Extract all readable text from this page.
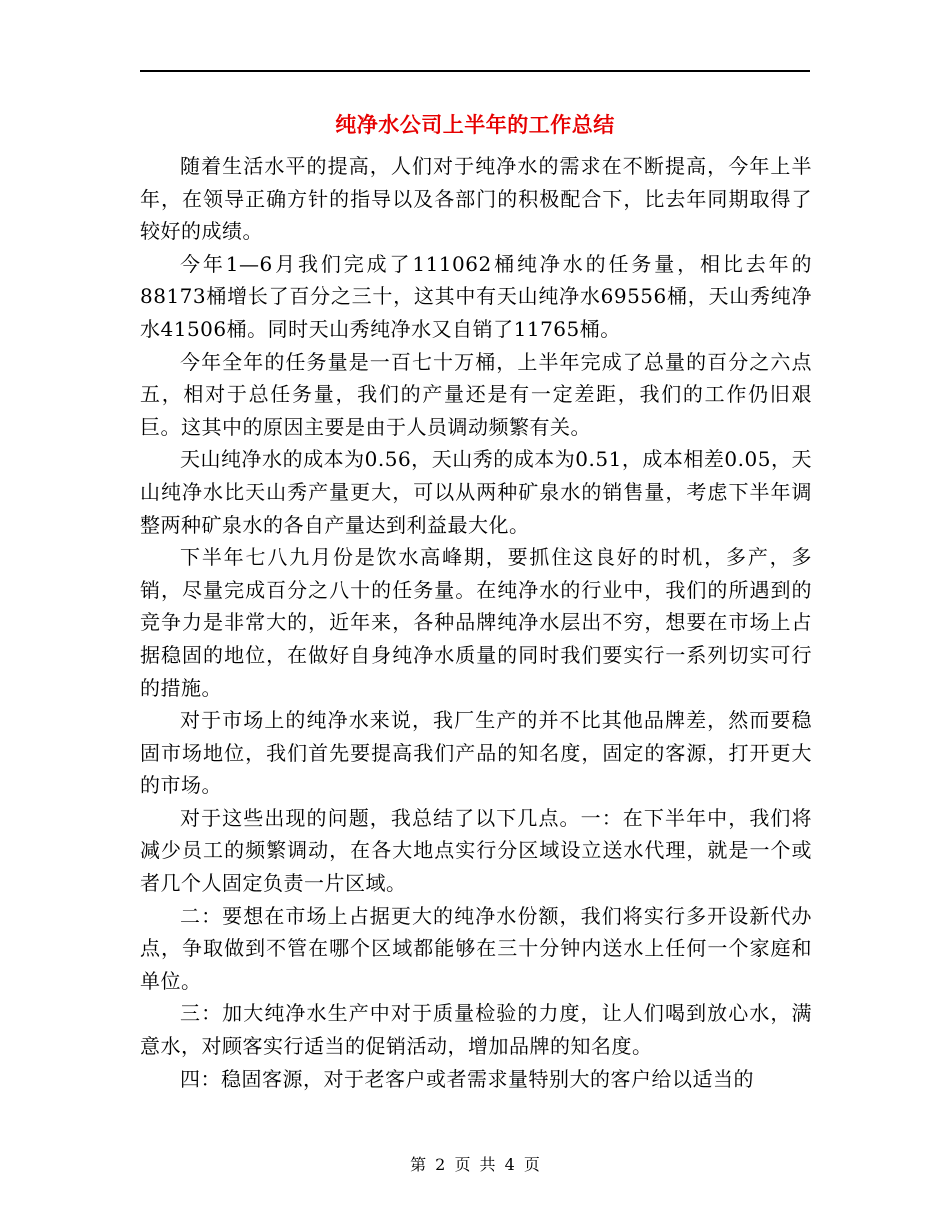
纯净水公司上半年的工作总结

随着生活水平的提高，人们对于纯净水的需求在不断提高，今年上半年，在领导正确方针的指导以及各部门的积极配合下，比去年同期取得了较好的成绩。

今年1—6月我们完成了111062桶纯净水的任务量，相比去年的88173桶增长了百分之三十，这其中有天山纯净水69556桶，天山秀纯净水41506桶。同时天山秀纯净水又自销了11765桶。

今年全年的任务量是一百七十万桶，上半年完成了总量的百分之六点五，相对于总任务量，我们的产量还是有一定差距，我们的工作仍旧艰巨。这其中的原因主要是由于人员调动频繁有关。

天山纯净水的成本为0.56，天山秀的成本为0.51，成本相差0.05，天山纯净水比天山秀产量更大，可以从两种矿泉水的销售量，考虑下半年调整两种矿泉水的各自产量达到利益最大化。

下半年七八九月份是饮水高峰期，要抓住这良好的时机，多产，多销，尽量完成百分之八十的任务量。在纯净水的行业中，我们的所遇到的竞争力是非常大的，近年来，各种品牌纯净水层出不穷，想要在市场上占据稳固的地位，在做好自身纯净水质量的同时我们要实行一系列切实可行的措施。

对于市场上的纯净水来说，我厂生产的并不比其他品牌差，然而要稳固市场地位，我们首先要提高我们产品的知名度，固定的客源，打开更大的市场。

对于这些出现的问题，我总结了以下几点。一：在下半年中，我们将减少员工的频繁调动，在各大地点实行分区域设立送水代理，就是一个或者几个人固定负责一片区域。

二：要想在市场上占据更大的纯净水份额，我们将实行多开设新代办点，争取做到不管在哪个区域都能够在三十分钟内送水上任何一个家庭和单位。

三：加大纯净水生产中对于质量检验的力度，让人们喝到放心水，满意水，对顾客实行适当的促销活动，增加品牌的知名度。

四：稳固客源，对于老客户或者需求量特别大的客户给以适当的

第 2 页 共 4 页
